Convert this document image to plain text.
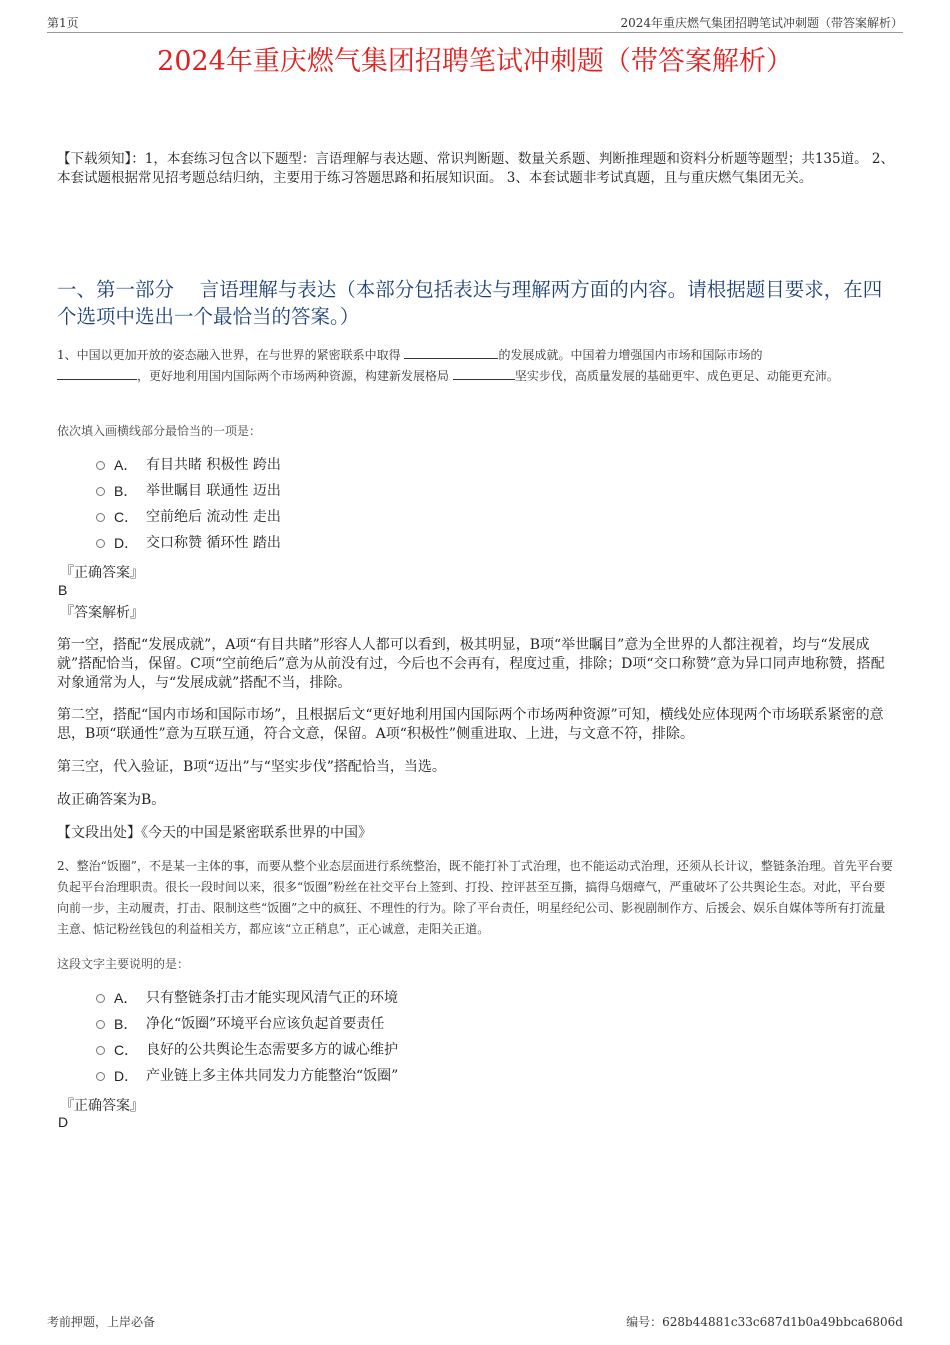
第1页	2024年重庆燃气集团招聘笔试冲刺题（带答案解析）
2024年重庆燃气集团招聘笔试冲刺题（带答案解析）
【下载须知】：1，本套练习包含以下题型：言语理解与表达题、常识判断题、数量关系题、判断推理题和资料分析题等题型；共135道。 2、本套试题根据常见招考题总结归纳，主要用于练习答题思路和拓展知识面。 3、本套试题非考试真题，且与重庆燃气集团无关。
一、第一部分　 言语理解与表达（本部分包括表达与理解两方面的内容。请根据题目要求，在四个选项中选出一个最恰当的答案。）
1、中国以更加开放的姿态融入世界，在与世界的紧密联系中取得	的发展成就。中国着力增强国内市场和国际市场的
，更好地利用国内国际两个市场两种资源，构建新发展格局	坚实步伐，高质量发展的基础更牢、成色更足、动能更充沛。
依次填入画横线部分最恰当的一项是：
A． 有目共睹 积极性 跨出
B． 举世瞩目 联通性 迈出
C． 空前绝后 流动性 走出
D． 交口称赞 循环性 踏出
『正确答案』
B
『答案解析』
第一空，搭配“发展成就”，A项“有目共睹”形容人人都可以看到，极其明显，B项“举世瞩目”意为全世界的人都注视着，均与“发展成就”搭配恰当，保留。C项“空前绝后”意为从前没有过，今后也不会再有，程度过重，排除；D项“交口称赞”意为异口同声地称赞，搭配对象通常为人，与“发展成就”搭配不当，排除。
第二空，搭配“国内市场和国际市场”，且根据后文“更好地利用国内国际两个市场两种资源”可知，横线处应体现两个市场联系紧密的意思，B项“联通性”意为互联互通，符合文意，保留。A项“积极性”侧重进取、上进，与文意不符，排除。
第三空，代入验证，B项“迈出”与“坚实步伐”搭配恰当，当选。
故正确答案为B。
【文段出处】《今天的中国是紧密联系世界的中国》
2、整治“饭圈”，不是某一主体的事，而要从整个业态层面进行系统整治，既不能打补丁式治理，也不能运动式治理，还须从长计议，整链条治理。首先平台要负起平台治理职责。很长一段时间以来，很多“饭圈”粉丝在社交平台上签到、打投、控评甚至互撕，搞得乌烟瘴气，严重破坏了公共舆论生态。对此，平台要向前一步，主动履责，打击、限制这些“饭圈”之中的疯狂、不理性的行为。除了平台责任，明星经纪公司、影视剧制作方、后援会、娱乐自媒体等所有打流量主意、惦记粉丝钱包的利益相关方，都应该“立正稍息”，正心诚意，走阳关正道。
这段文字主要说明的是：
A． 只有整链条打击才能实现风清气正的环境
B． 净化“饭圈”环境平台应该负起首要责任
C． 良好的公共舆论生态需要多方的诚心维护
D． 产业链上多主体共同发力方能整治“饭圈”
『正确答案』
D
考前押题，上岸必备	编号：628b44881c33c687d1b0a49bbca6806d
